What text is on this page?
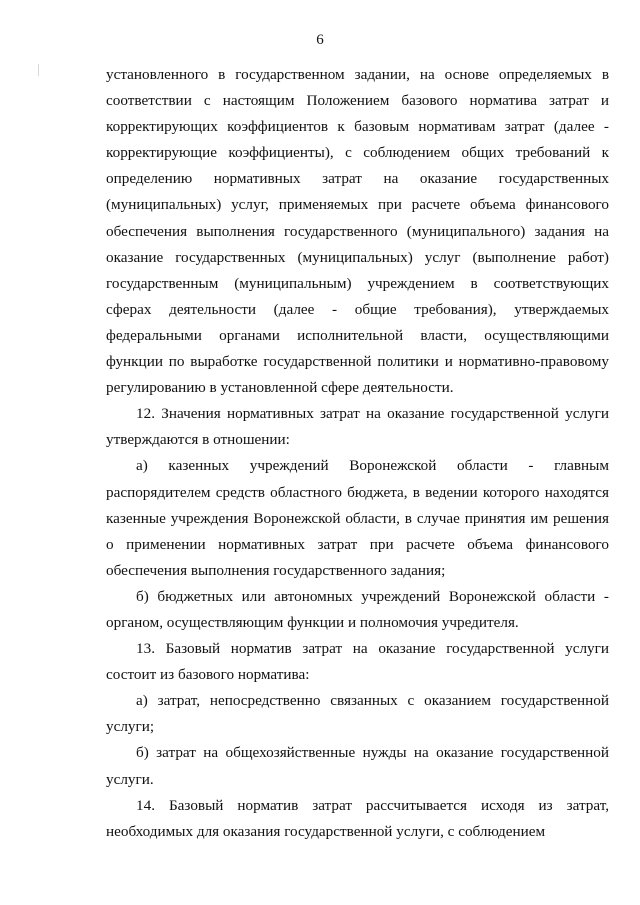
6

установленного в государственном задании, на основе определяемых в соответствии с настоящим Положением базового норматива затрат и корректирующих коэффициентов к базовым нормативам затрат (далее - корректирующие коэффициенты), с соблюдением общих требований к определению нормативных затрат на оказание государственных (муниципальных) услуг, применяемых при расчете объема финансового обеспечения выполнения государственного (муниципального) задания на оказание государственных (муниципальных) услуг (выполнение работ) государственным (муниципальным) учреждением в соответствующих сферах деятельности (далее - общие требования), утверждаемых федеральными органами исполнительной власти, осуществляющими функции по выработке государственной политики и нормативно-правовому регулированию в установленной сфере деятельности.

12. Значения нормативных затрат на оказание государственной услуги утверждаются в отношении:

а) казенных учреждений Воронежской области - главным распорядителем средств областного бюджета, в ведении которого находятся казенные учреждения Воронежской области, в случае принятия им решения о применении нормативных затрат при расчете объема финансового обеспечения выполнения государственного задания;

б) бюджетных или автономных учреждений Воронежской области - органом, осуществляющим функции и полномочия учредителя.

13. Базовый норматив затрат на оказание государственной услуги состоит из базового норматива:

а) затрат, непосредственно связанных с оказанием государственной услуги;

б) затрат на общехозяйственные нужды на оказание государственной услуги.

14. Базовый норматив затрат рассчитывается исходя из затрат, необходимых для оказания государственной услуги, с соблюдением
